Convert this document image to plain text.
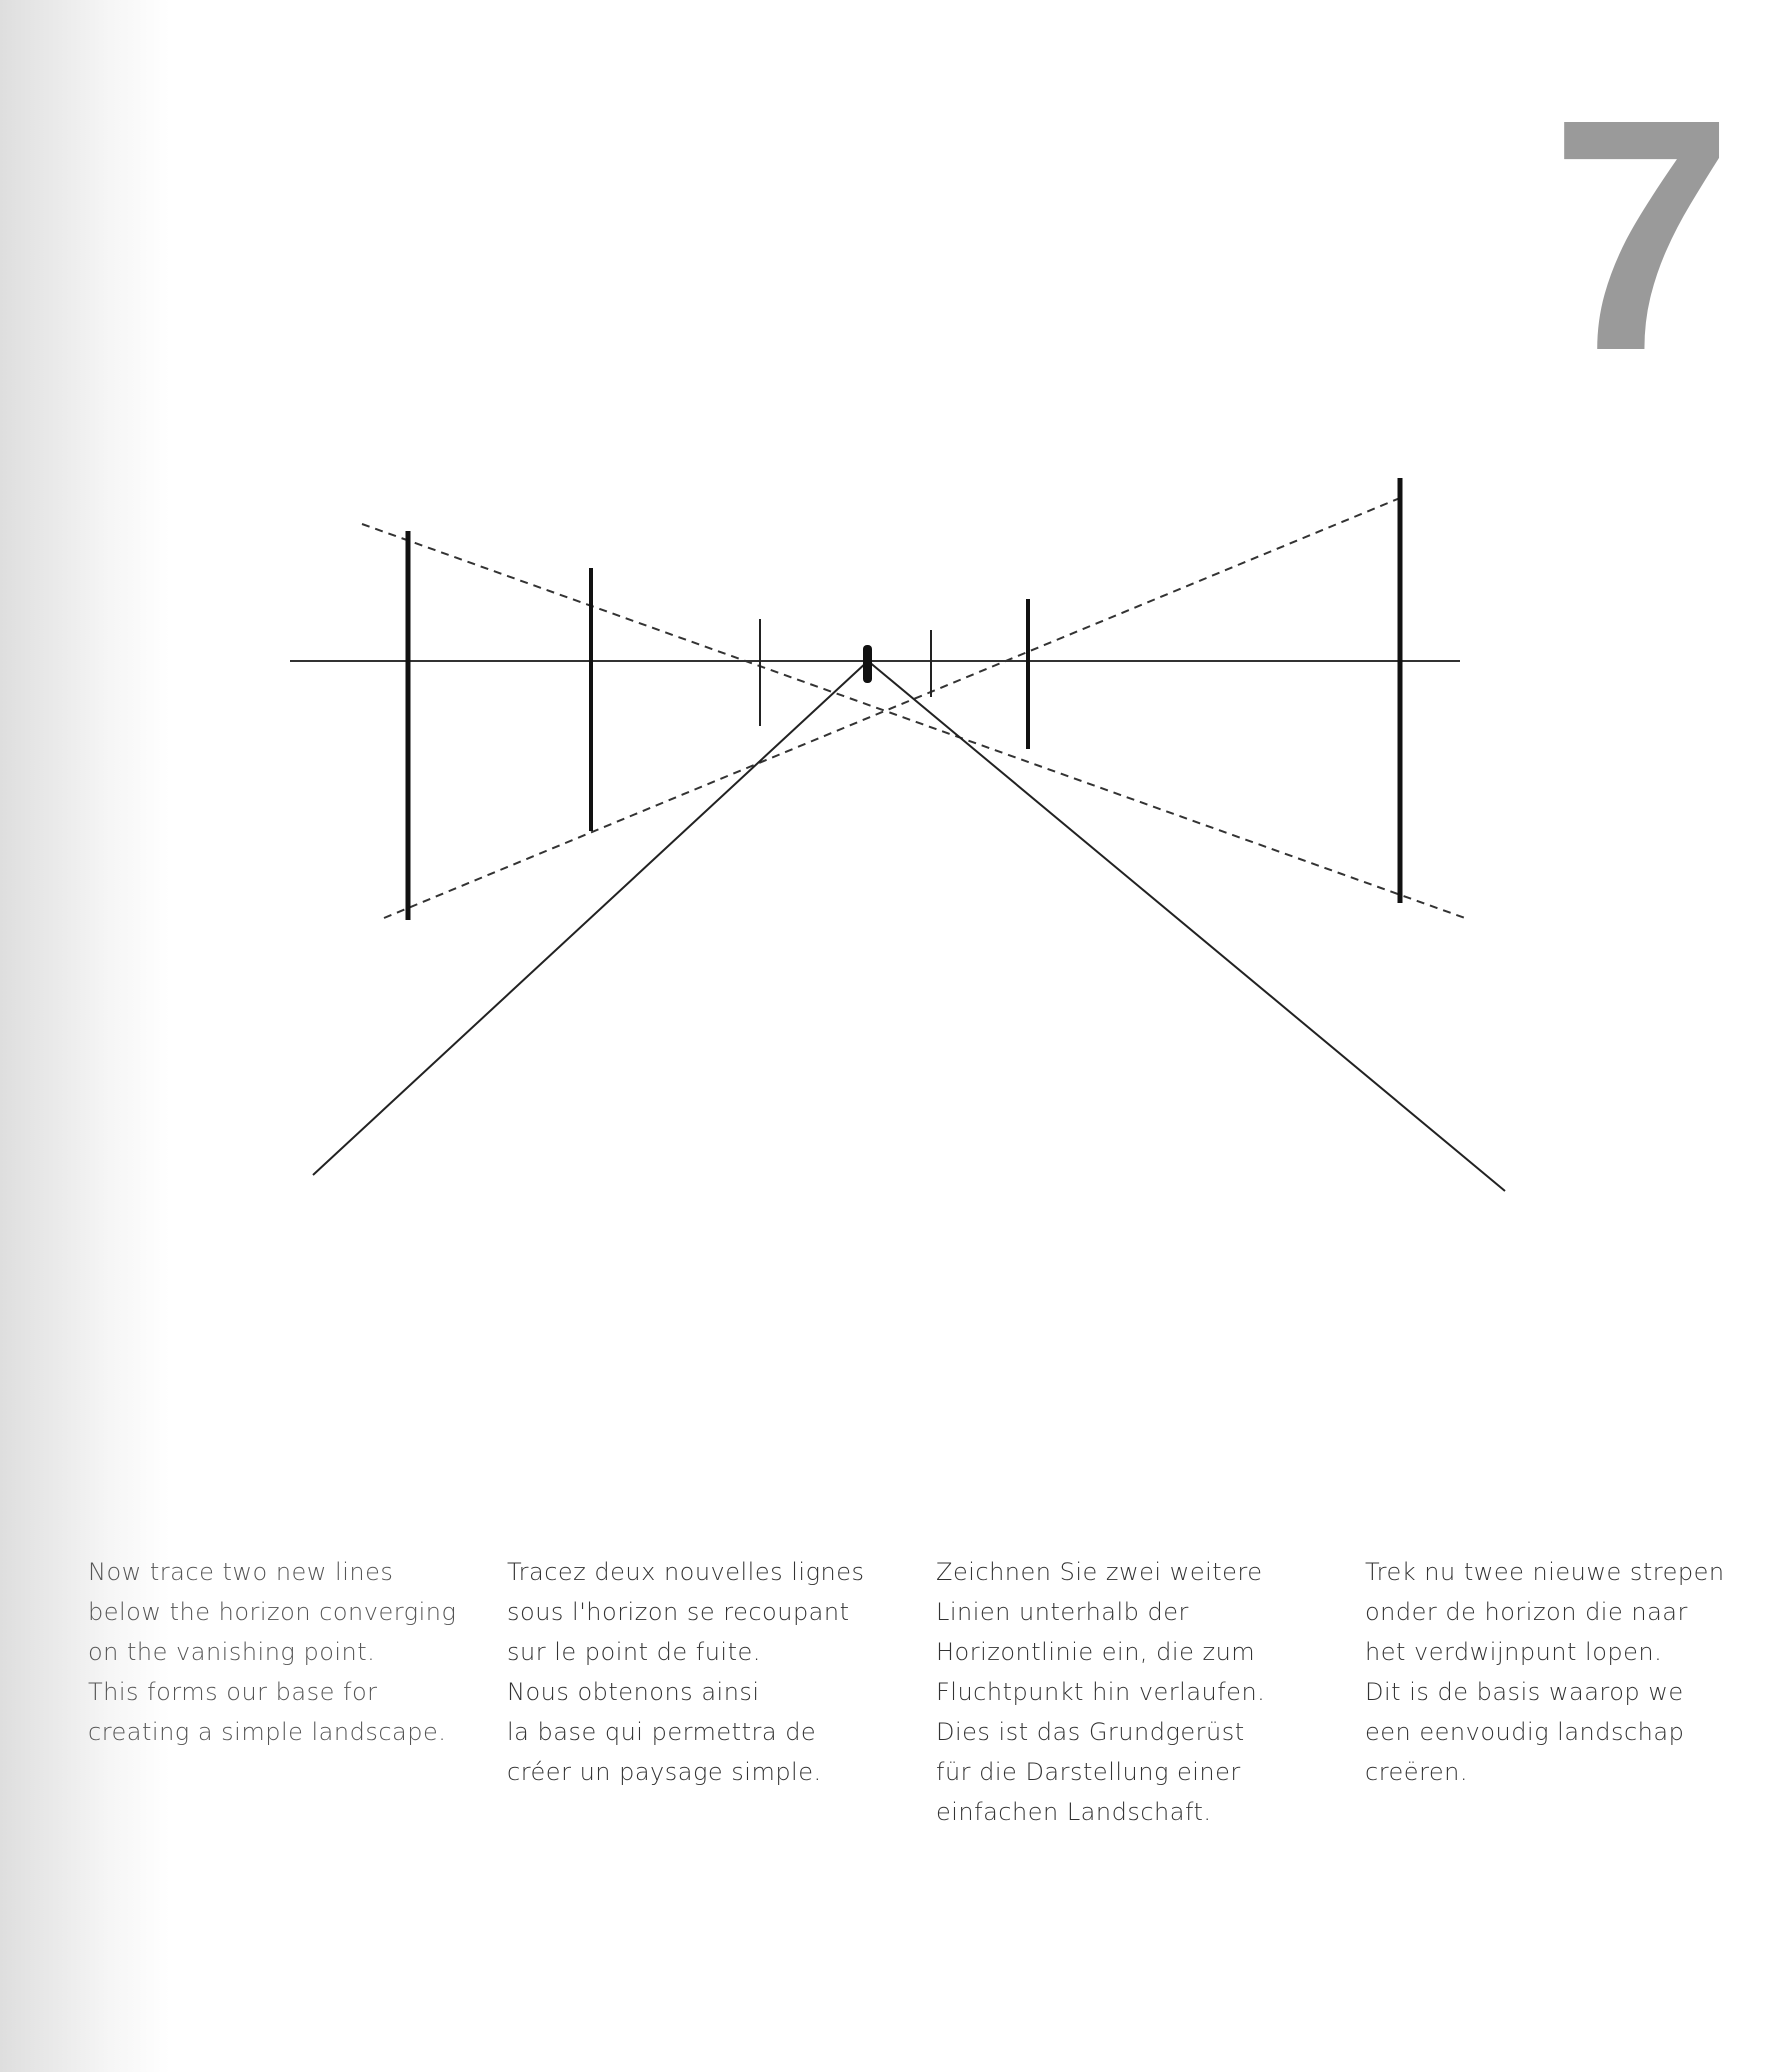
7
Now trace two new lines
below the horizon converging
on the vanishing point.
This forms our base for
creating a simple landscape.
Tracez deux nouvelles lignes
sous l'horizon se recoupant
sur le point de fuite.
Nous obtenons ainsi
la base qui permettra de
créer un paysage simple.
Zeichnen Sie zwei weitere
Linien unterhalb der
Horizontlinie ein, die zum
Fluchtpunkt hin verlaufen.
Dies ist das Grundgerüst
für die Darstellung einer
einfachen Landschaft.
Trek nu twee nieuwe strepen
onder de horizon die naar
het verdwijnpunt lopen.
Dit is de basis waarop we
een eenvoudig landschap
creëren.
